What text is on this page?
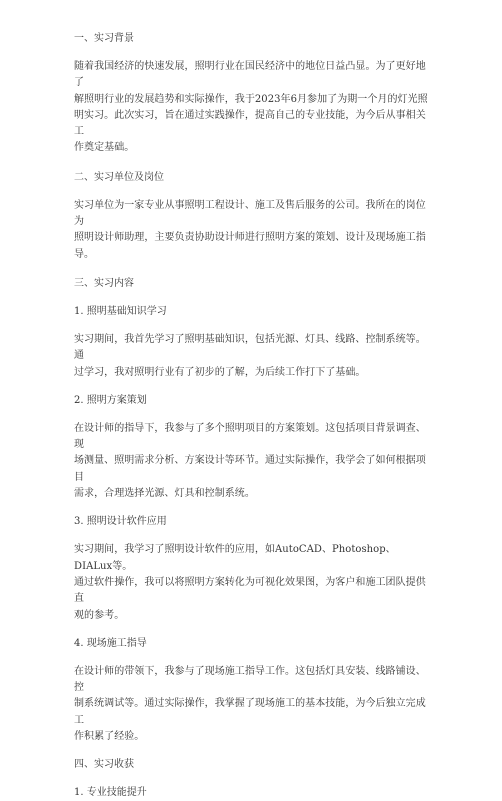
一、实习背景

随着我国经济的快速发展，照明行业在国民经济中的地位日益凸显。为了更好地了
解照明行业的发展趋势和实际操作，我于2023年6月参加了为期一个月的灯光照
明实习。此次实习，旨在通过实践操作，提高自己的专业技能，为今后从事相关工
作奠定基础。

二、实习单位及岗位

实习单位为一家专业从事照明工程设计、施工及售后服务的公司。我所在的岗位为
照明设计师助理，主要负责协助设计师进行照明方案的策划、设计及现场施工指导。

三、实习内容

1. 照明基础知识学习

实习期间，我首先学习了照明基础知识，包括光源、灯具、线路、控制系统等。通
过学习，我对照明行业有了初步的了解，为后续工作打下了基础。

2. 照明方案策划

在设计师的指导下，我参与了多个照明项目的方案策划。这包括项目背景调查、现
场测量、照明需求分析、方案设计等环节。通过实际操作，我学会了如何根据项目
需求，合理选择光源、灯具和控制系统。

3. 照明设计软件应用

实习期间，我学习了照明设计软件的应用，如AutoCAD、Photoshop、DIALux等。
通过软件操作，我可以将照明方案转化为可视化效果图，为客户和施工团队提供直
观的参考。

4. 现场施工指导

在设计师的带领下，我参与了现场施工指导工作。这包括灯具安装、线路铺设、控
制系统调试等。通过实际操作，我掌握了现场施工的基本技能，为今后独立完成工
作积累了经验。

四、实习收获

1. 专业技能提升
